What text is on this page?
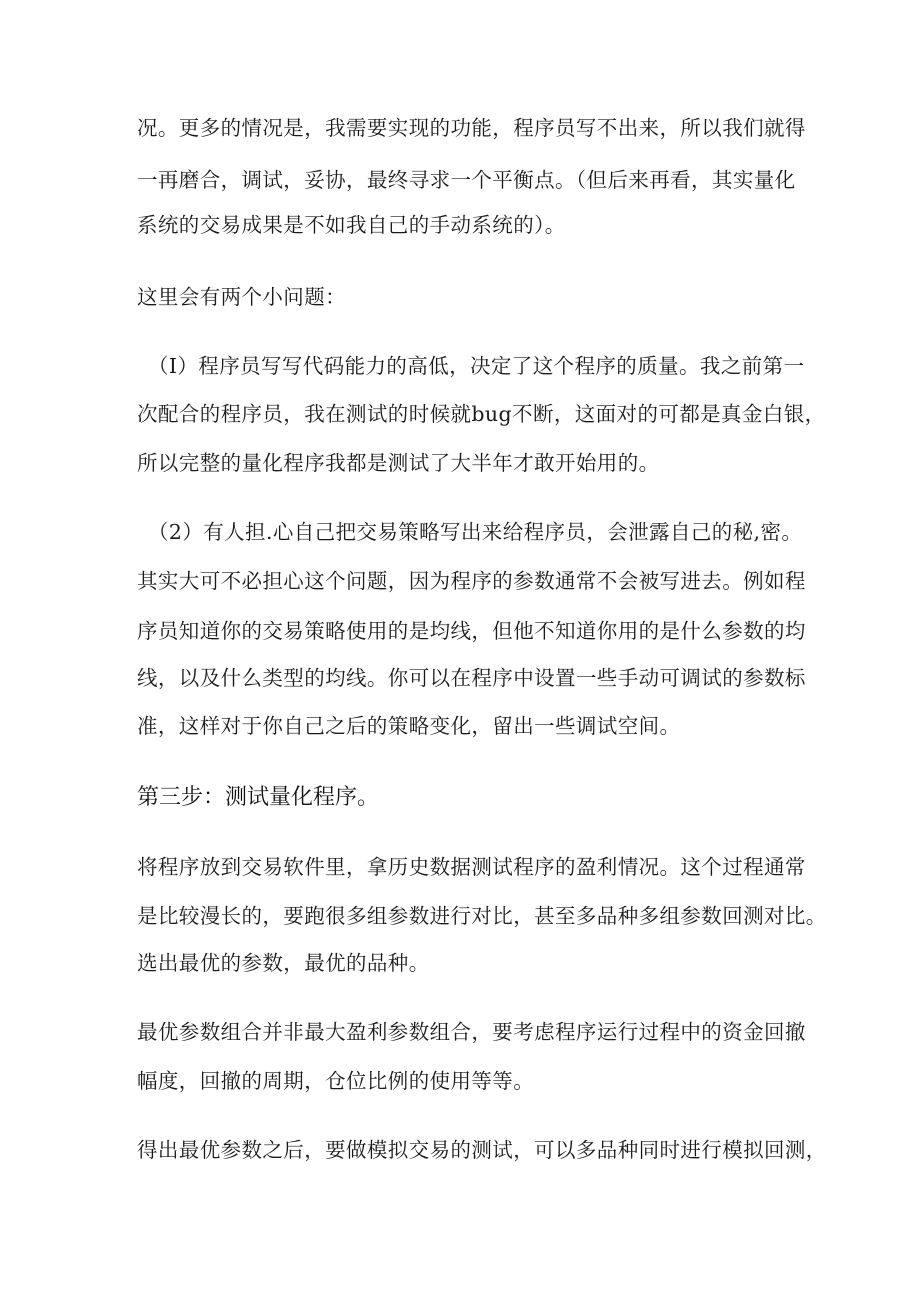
况。更多的情况是，我需要实现的功能，程序员写不出来，所以我们就得
一再磨合，调试，妥协，最终寻求一个平衡点。（但后来再看，其实量化
系统的交易成果是不如我自己的手动系统的）。
这里会有两个小问题：
（I）程序员写写代码能力的高低，决定了这个程序的质量。我之前第一
次配合的程序员，我在测试的时候就bug不断，这面对的可都是真金白银，
所以完整的量化程序我都是测试了大半年才敢开始用的。
（2）有人担.心自己把交易策略写出来给程序员，会泄露自己的秘,密。
其实大可不必担心这个问题，因为程序的参数通常不会被写进去。例如程
序员知道你的交易策略使用的是均线，但他不知道你用的是什么参数的均
线，以及什么类型的均线。你可以在程序中设置一些手动可调试的参数标
准，这样对于你自己之后的策略变化，留出一些调试空间。
第三步：测试量化程序。
将程序放到交易软件里，拿历史数据测试程序的盈利情况。这个过程通常
是比较漫长的，要跑很多组参数进行对比，甚至多品种多组参数回测对比。
选出最优的参数，最优的品种。
最优参数组合并非最大盈利参数组合，要考虑程序运行过程中的资金回撤
幅度，回撤的周期，仓位比例的使用等等。
得出最优参数之后，要做模拟交易的测试，可以多品种同时进行模拟回测，
